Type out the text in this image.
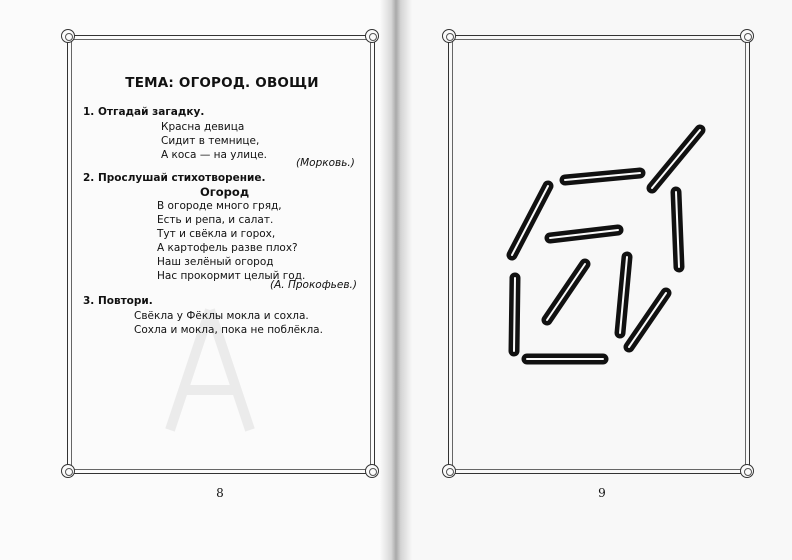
ТЕМА: ОГОРОД. ОВОЩИ
1. Отгадай загадку.
Красна девица
Сидит в темнице,
А коса — на улице.
(Морковь.)
2. Прослушай стихотворение.
Огород
В огороде много гряд,
Есть и репа, и салат.
Тут и свёкла и горох,
А картофель разве плох?
Наш зелёный огород
Нас прокормит целый год.
(А. Прокофьев.)
3. Повтори.
Свёкла у Фёклы мокла и сохла.
Сохла и мокла, пока не поблёкла.
8	9
